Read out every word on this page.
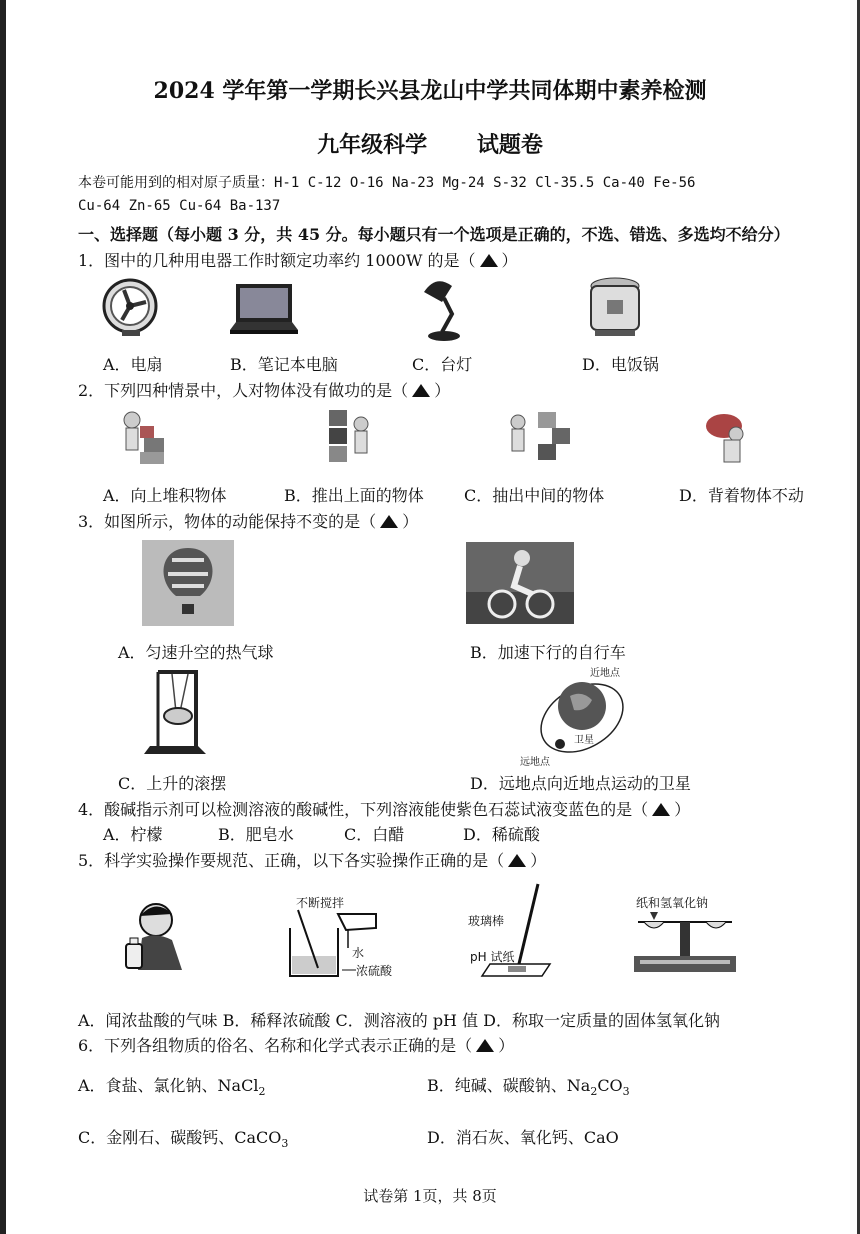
2024 学年第一学期长兴县龙山中学共同体期中素养检测
九年级科学　 试题卷
本卷可能用到的相对原子质量：H-1 C-12 O-16 Na-23 Mg-24 S-32 Cl-35.5 Ca-40 Fe-56
Cu-64 Zn-65 Cu-64 Ba-137
一、选择题（每小题 3 分，共 45 分。每小题只有一个选项是正确的，不选、错选、多选均不给分）
1．图中的几种用电器工作时额定功率约 1000W 的是（ ）
A．电扇	B．笔记本电脑	C．台灯	D．电饭锅
2．下列四种情景中，人对物体没有做功的是（ ）
A．向上堆积物体	B．推出上面的物体	C．抽出中间的物体	D．背着物体不动
3．如图所示，物体的动能保持不变的是（ ）
A．匀速升空的热气球	B．加速下行的自行车
近地点
卫星
远地点
C．上升的滚摆	D．远地点向近地点运动的卫星
4．酸碱指示剂可以检测溶液的酸碱性，下列溶液能使紫色石蕊试液变蓝色的是（ ）
A．柠檬	B．肥皂水	C．白醋	D．稀硫酸
5．科学实验操作要规范、正确，以下各实验操作正确的是（ ）
不断搅拌
水
浓硫酸
玻璃棒
pH 试纸
纸和氢氧化钠
A．闻浓盐酸的气味 B．稀释浓硫酸 C．测溶液的 pH 值 D．称取一定质量的固体氢氧化钠
6．下列各组物质的俗名、名称和化学式表示正确的是（ ）
A．食盐、氯化钠、NaCl$_2$	B．纯碱、碳酸钠、$Na_2CO_3$
C．金刚石、碳酸钙、CaCO$_3$	D．消石灰、氧化钙、CaO
试卷第 1页，共 8页
